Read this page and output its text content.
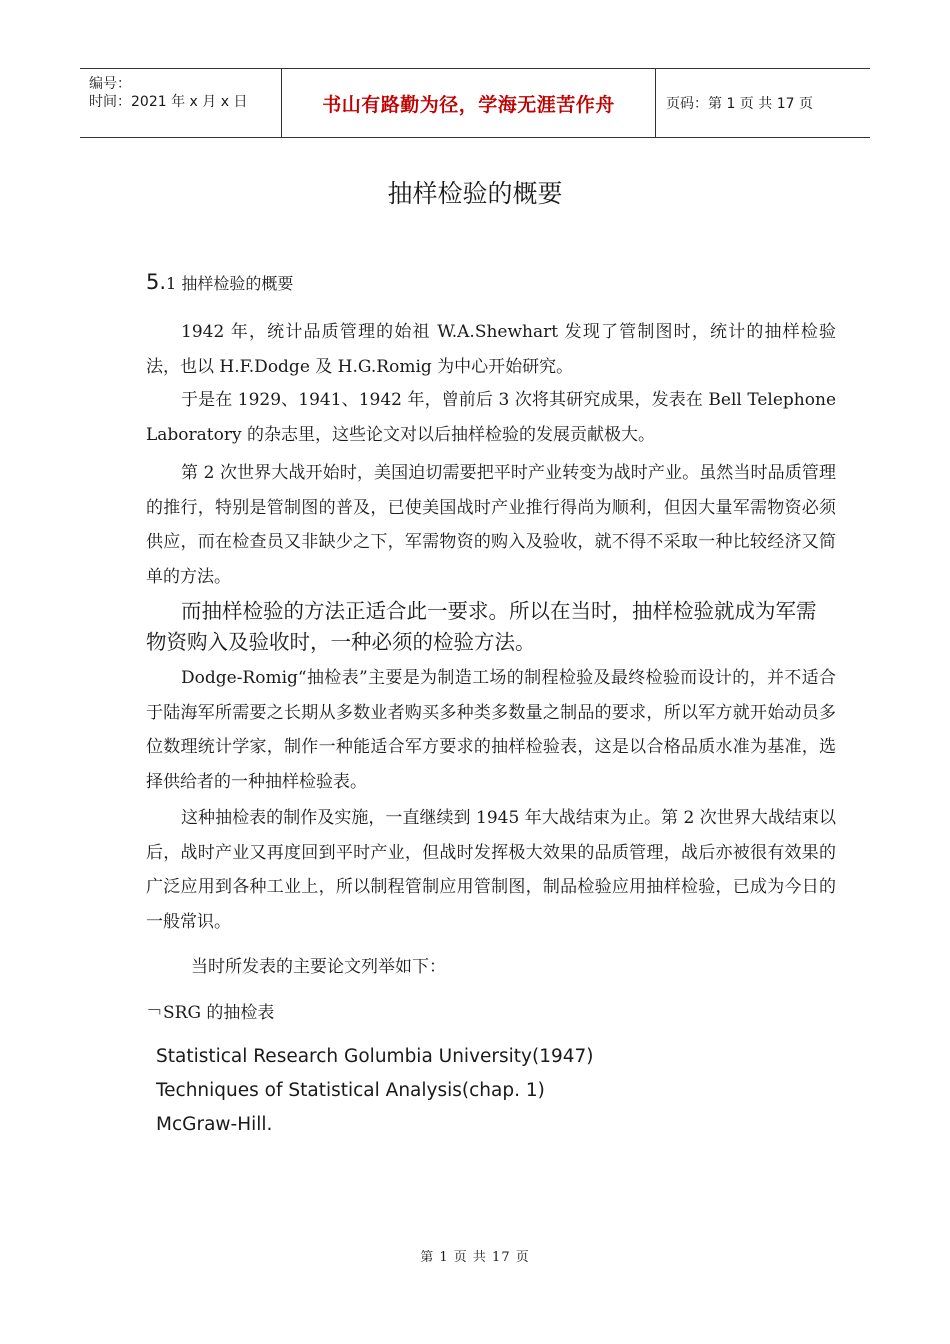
编号：
时间：2021 年 x 月 x 日	书山有路勤为径，学海无涯苦作舟	页码：第 1 页 共 17 页
抽样检验的概要
5.1 抽样检验的概要
1942 年，统计品质管理的始祖 W.A.Shewhart 发现了管制图时，统计的抽样检验法，也以 H.F.Dodge 及 H.G.Romig 为中心开始研究。
于是在 1929、1941、1942 年，曾前后 3 次将其研究成果，发表在 Bell Telephone Laboratory 的杂志里，这些论文对以后抽样检验的发展贡献极大。
第 2 次世界大战开始时，美国迫切需要把平时产业转变为战时产业。虽然当时品质管理的推行，特别是管制图的普及，已使美国战时产业推行得尚为顺利，但因大量军需物资必须供应，而在检查员又非缺少之下，军需物资的购入及验收，就不得不采取一种比较经济又简单的方法。
而抽样检验的方法正适合此一要求。所以在当时，抽样检验就成为军需物资购入及验收时，一种必须的检验方法。
Dodge-Romig“抽检表”主要是为制造工场的制程检验及最终检验而设计的，并不适合于陆海军所需要之长期从多数业者购买多种类多数量之制品的要求，所以军方就开始动员多位数理统计学家，制作一种能适合军方要求的抽样检验表，这是以合格品质水准为基准，选择供给者的一种抽样检验表。
这种抽检表的制作及实施，一直继续到 1945 年大战结束为止。第 2 次世界大战结束以后，战时产业又再度回到平时产业，但战时发挥极大效果的品质管理，战后亦被很有效果的广泛应用到各种工业上，所以制程管制应用管制图，制品检验应用抽样检验，已成为今日的一般常识。
当时所发表的主要论文列举如下：
￢SRG 的抽检表
Statistical Research Golumbia University(1947)
Techniques of Statistical Analysis(chap. 1)
McGraw-Hill.
第 1 页 共 17 页
